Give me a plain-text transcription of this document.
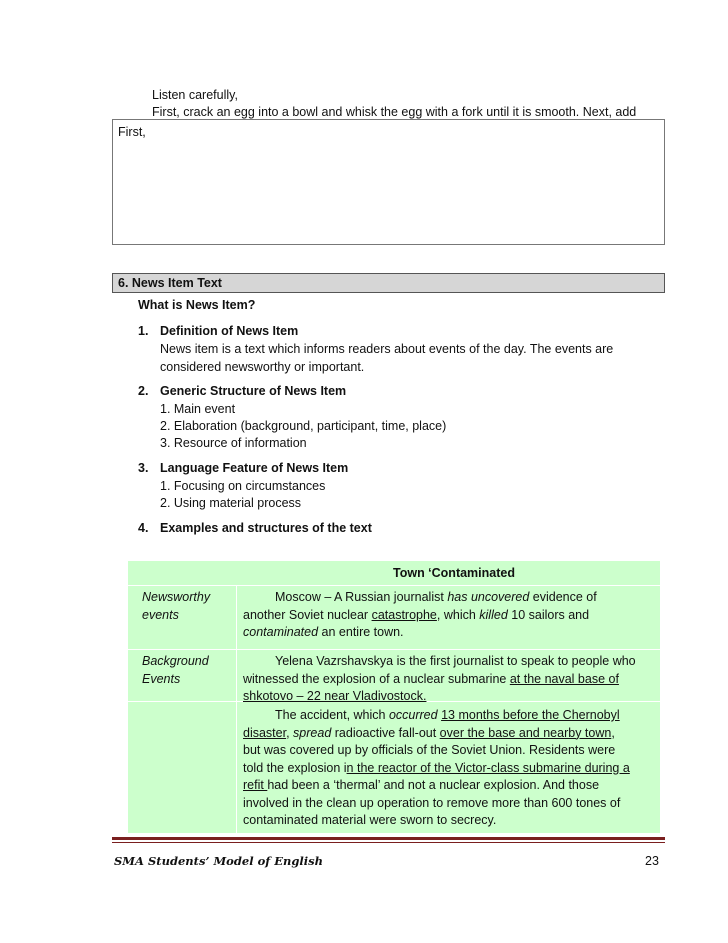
Listen carefully,
First, crack an egg into a bowl and whisk the egg with a fork until it is smooth. Next, add
First,
6. News Item Text
What is News Item?
1. Definition of News Item
News item is a text which informs readers about events of the day. The events are
considered newsworthy or important.
2. Generic Structure of News Item
1. Main event
2. Elaboration (background, participant, time, place)
3. Resource of information
3. Language Feature of News Item
1. Focusing on circumstances
2. Using material process
4. Examples and structures of the text
Town ‘Contaminated
Newsworthy
events
Moscow – A Russian journalist has uncovered evidence of
another Soviet nuclear catastrophe, which killed 10 sailors and
contaminated an entire town.
Background
Events
Yelena Vazrshavskya is the first journalist to speak to people who
witnessed the explosion of a nuclear submarine at the naval base of
shkotovo – 22 near Vladivostock.
The accident, which occurred 13 months before the Chernobyl
disaster, spread radioactive fall-out over the base and nearby town,
but was covered up by officials of the Soviet Union. Residents were
told the explosion in the reactor of the Victor-class submarine during a
refit had been a ‘thermal’ and not a nuclear explosion. And those
involved in the clean up operation to remove more than 600 tones of
contaminated material were sworn to secrecy.
SMA Students’ Model of English	23
